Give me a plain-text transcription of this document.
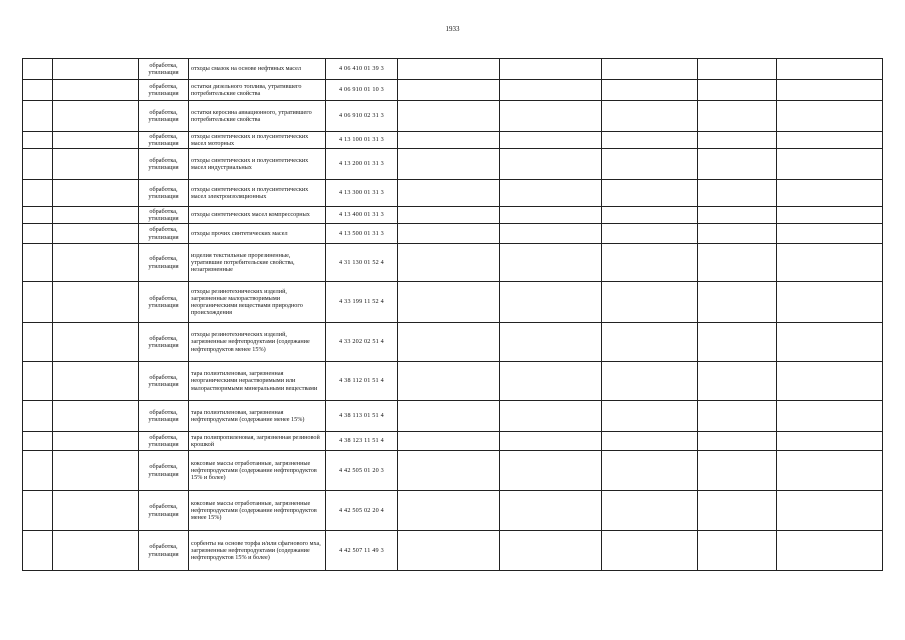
1933
		обработка, утилизация	отходы смазок на основе нефтяных масел	4 06 410 01 39 3					
		обработка, утилизация	остатки дизельного топлива, утратившего потребительские свойства	4 06 910 01 10 3					
		обработка, утилизация	остатки керосина авиационного, утратившего потребительские свойства	4 06 910 02 31 3					
		обработка, утилизация	отходы синтетических и полусинтетических масел моторных	4 13 100 01 31 3					
		обработка, утилизация	отходы синтетических и полусинтетических масел индустриальных	4 13 200 01 31 3					
		обработка, утилизация	отходы синтетических и полусинтетических масел электроизоляционных	4 13 300 01 31 3					
		обработка, утилизация	отходы синтетических масел компрессорных	4 13 400 01 31 3					
		обработка, утилизация	отходы прочих синтетических масел	4 13 500 01 31 3					
		обработка, утилизация	изделия текстильные прорезиненные, утратившие потребительские свойства, незагрязненные	4 31 130 01 52 4					
		обработка, утилизация	отходы резинотехнических изделий, загрязненные малорастворимыми неорганическими веществами природного происхождения	4 33 199 11 52 4					
		обработка, утилизация	отходы резинотехнических изделий, загрязненные нефтепродуктами (содержание нефтепродуктов менее 15%)	4 33 202 02 51 4					
		обработка, утилизация	тара полиэтиленовая, загрязненная неорганическими нерастворимыми или малорастворимыми минеральными веществами	4 38 112 01 51 4					
		обработка, утилизация	тара полиэтиленовая, загрязненная нефтепродуктами (содержание менее 15%)	4 38 113 01 51 4					
		обработка, утилизация	тара полипропиленовая, загрязненная резиновой крошкой	4 38 123 11 51 4					
		обработка, утилизация	коксовые массы отработанные, загрязненные нефтепродуктами (содержание нефтепродуктов 15% и более)	4 42 505 01 20 3					
		обработка, утилизация	коксовые массы отработанные, загрязненные нефтепродуктами (содержание нефтепродуктов менее 15%)	4 42 505 02 20 4					
		обработка, утилизация	сорбенты на основе торфа и/или сфагнового мха, загрязненные нефтепродуктами (содержание нефтепродуктов 15% и более)	4 42 507 11 49 3					
